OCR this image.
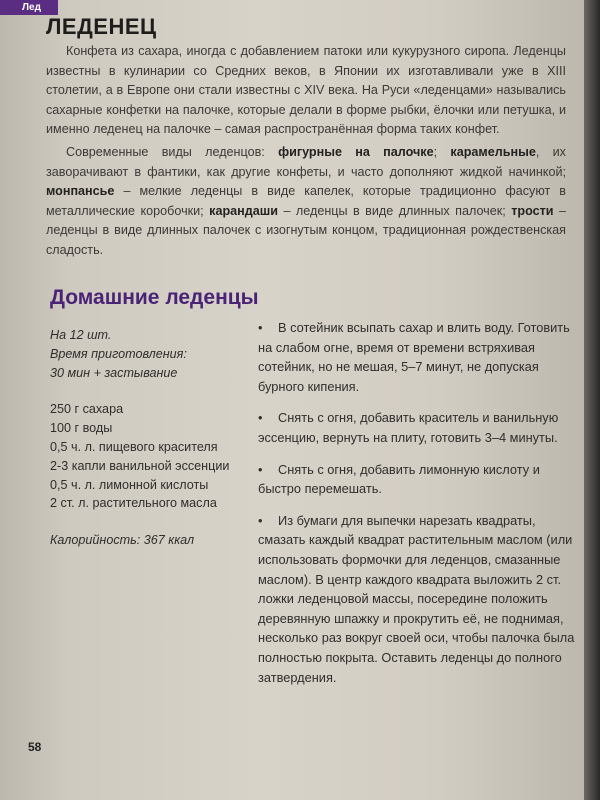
Лед
ЛЕДЕНЕЦ

Конфета из сахара, иногда с добавлением патоки или кукурузного сиропа. Леденцы известны в кулинарии со Средних веков, в Японии их изготавливали уже в XIII столетии, а в Европе они стали известны с XIV века. На Руси «леденцами» назывались сахарные конфетки на палочке, которые делали в форме рыбки, ёлочки или петушка, и именно леденец на палочке – самая распространённая форма таких конфет.

Современные виды леденцов: фигурные на палочке; карамельные, их заворачивают в фантики, как другие конфеты, и часто дополняют жидкой начинкой; монпансье – мелкие леденцы в виде капелек, которые традиционно фасуют в металлические коробочки; карандаши – леденцы в виде длинных палочек; трости – леденцы в виде длинных палочек с изогнутым концом, традиционная рождественская сладость.

Домашние леденцы
На 12 шт.
Время приготовления:
30 мин + застывание
250 г сахара
100 г воды
0,5 ч. л. пищевого красителя
2-3 капли ванильной эссенции
0,5 ч. л. лимонной кислоты
2 ст. л. растительного масла
Калорийность: 367 ккал

• В сотейник всыпать сахар и влить воду. Готовить на слабом огне, время от времени встряхивая сотейник, но не мешая, 5–7 минут, не допуская бурного кипения.

• Снять с огня, добавить краситель и ванильную эссенцию, вернуть на плиту, готовить 3–4 минуты.

• Снять с огня, добавить лимонную кислоту и быстро перемешать.

• Из бумаги для выпечки нарезать квадраты, смазать каждый квадрат растительным маслом (или использовать формочки для леденцов, смазанные маслом). В центр каждого квадрата выложить 2 ст. ложки леденцовой массы, посередине положить деревянную шпажку и прокрутить её, не поднимая, несколько раз вокруг своей оси, чтобы палочка была полностью покрыта. Оставить леденцы до полного затвердения.

58
